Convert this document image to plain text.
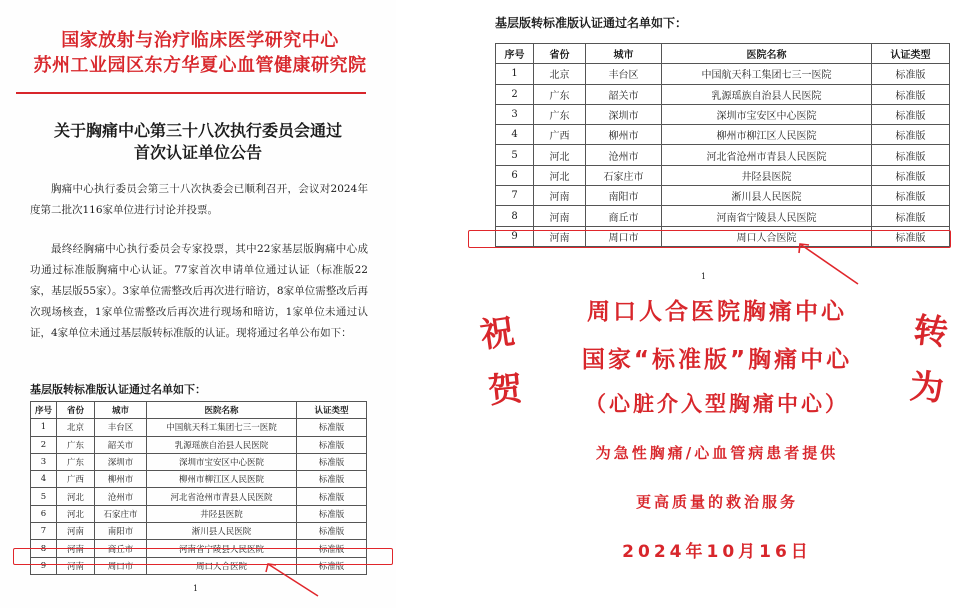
国家放射与治疗临床医学研究中心
苏州工业园区东方华夏心血管健康研究院
关于胸痛中心第三十八次执行委员会通过
首次认证单位公告

胸痛中心执行委员会第三十八次执委会已顺利召开，会议对2024年度第二批次116家单位进行讨论并投票。

最终经胸痛中心执行委员会专家投票，其中22家基层版胸痛中心成功通过标准版胸痛中心认证。77家首次申请单位通过认证（标准版22家，基层版55家）。3家单位需整改后再次进行暗访，8家单位需整改后再次现场核查，1家单位需整改后再次进行现场和暗访，1家单位未通过认证，4家单位未通过基层版转标准版的认证。现将通过名单公布如下：

基层版转标准版认证通过名单如下：
序号	省份	城市	医院名称	认证类型
1	北京	丰台区	中国航天科工集团七三一医院	标准版
2	广东	韶关市	乳源瑶族自治县人民医院	标准版
3	广东	深圳市	深圳市宝安区中心医院	标准版
4	广西	柳州市	柳州市柳江区人民医院	标准版
5	河北	沧州市	河北省沧州市青县人民医院	标准版
6	河北	石家庄市	井陉县医院	标准版
7	河南	南阳市	淅川县人民医院	标准版
8	河南	商丘市	河南省宁陵县人民医院	标准版
9	河南	周口市	周口人合医院	标准版
1
基层版转标准版认证通过名单如下：
序号	省份	城市	医院名称	认证类型
1	北京	丰台区	中国航天科工集团七三一医院	标准版
2	广东	韶关市	乳源瑶族自治县人民医院	标准版
3	广东	深圳市	深圳市宝安区中心医院	标准版
4	广西	柳州市	柳州市柳江区人民医院	标准版
5	河北	沧州市	河北省沧州市青县人民医院	标准版
6	河北	石家庄市	井陉县医院	标准版
7	河南	南阳市	淅川县人民医院	标准版
8	河南	商丘市	河南省宁陵县人民医院	标准版
9	河南	周口市	周口人合医院	标准版
1
祝
贺
转
为
周口人合医院胸痛中心
国家“标准版”胸痛中心
（心脏介入型胸痛中心）
为急性胸痛/心血管病患者提供
更高质量的救治服务
2024年10月16日
